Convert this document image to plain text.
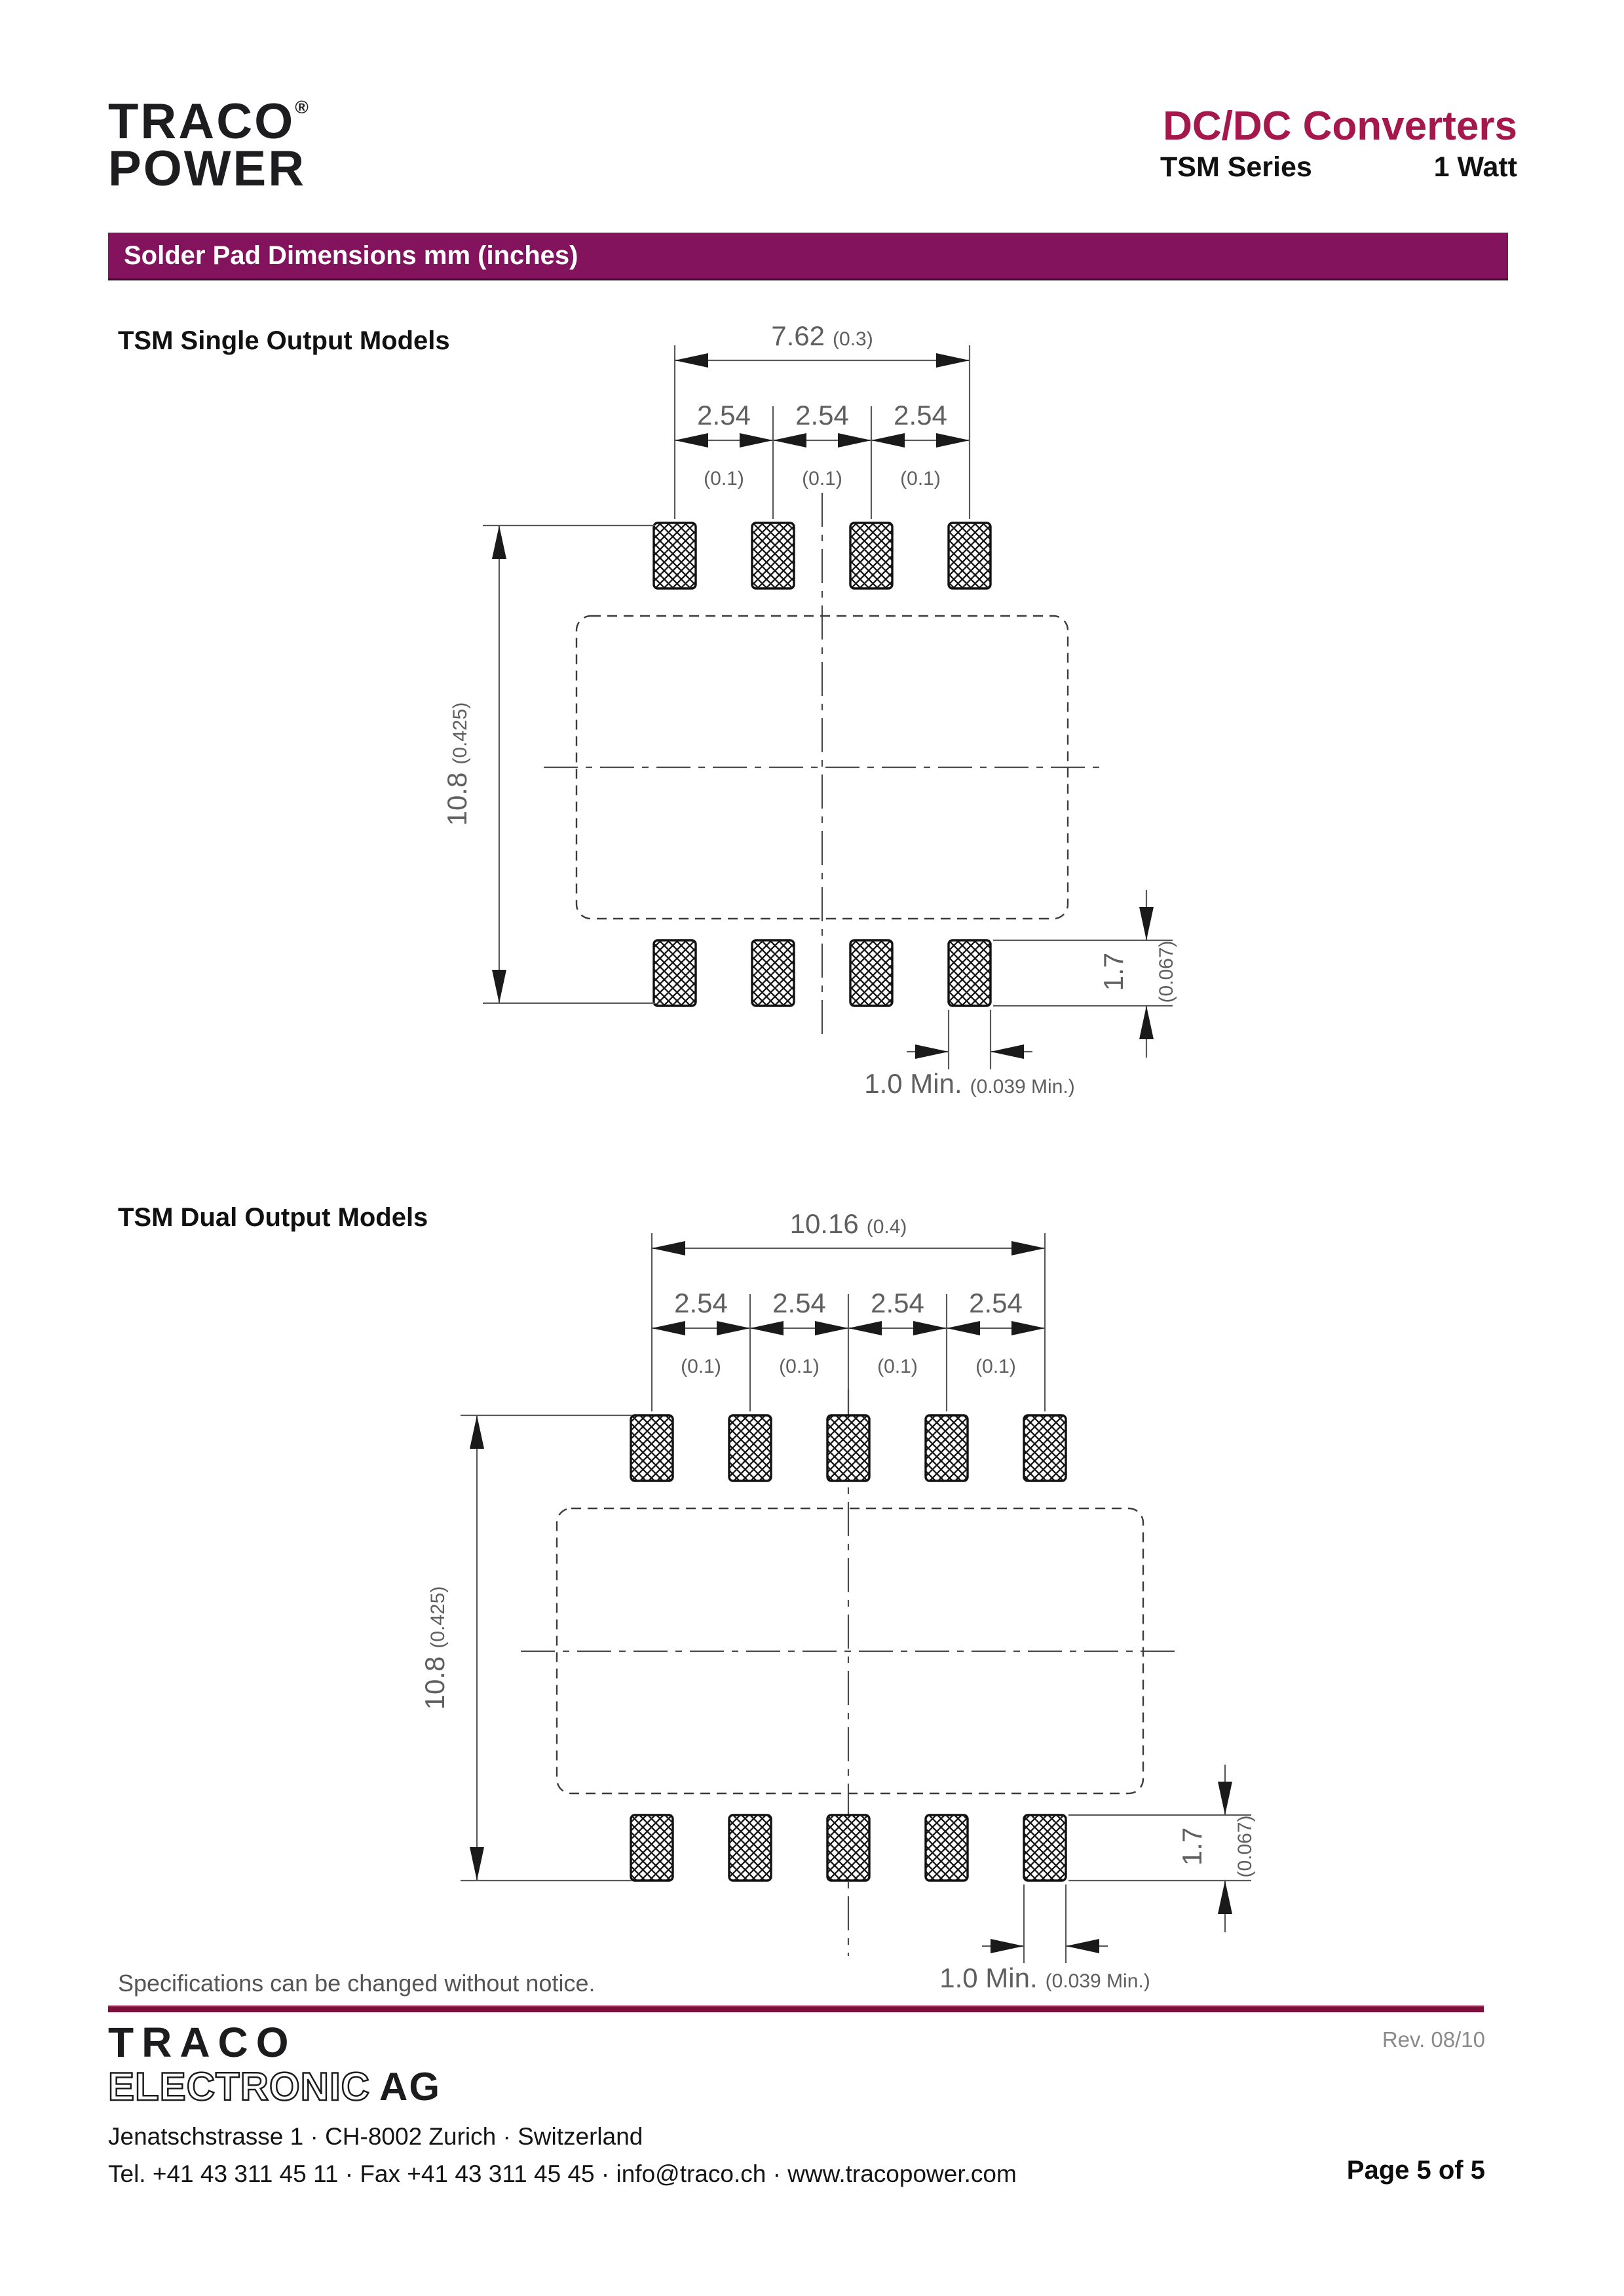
TRACO®
POWER
DC/DC Converters
TSM Series	1 Watt
Solder Pad Dimensions mm (inches)
TSM Single Output Models
TSM Dual Output Models
7.62 (0.3)
2.54 2.54 2.54
(0.1)	(0.1)	(0.1)
10.8(0.425)
1.7 (0.067)
1.0 Min. (0.039 Min.)
10.16 (0.4)
2.54 2.54 2.54 2.54
(0.1)	(0.1)	(0.1)	(0.1)
10.8(0.425)
1.7 (0.067)
1.0 Min. (0.039 Min.)
Specifications can be changed without notice.
TRACO
ELECTRONIC AG
Rev. 08/10
Jenatschstrasse 1 · CH-8002 Zurich · Switzerland
Tel. +41 43 311 45 11 · Fax +41 43 311 45 45 · info@traco.ch · www.tracopower.com	Page 5 of 5
